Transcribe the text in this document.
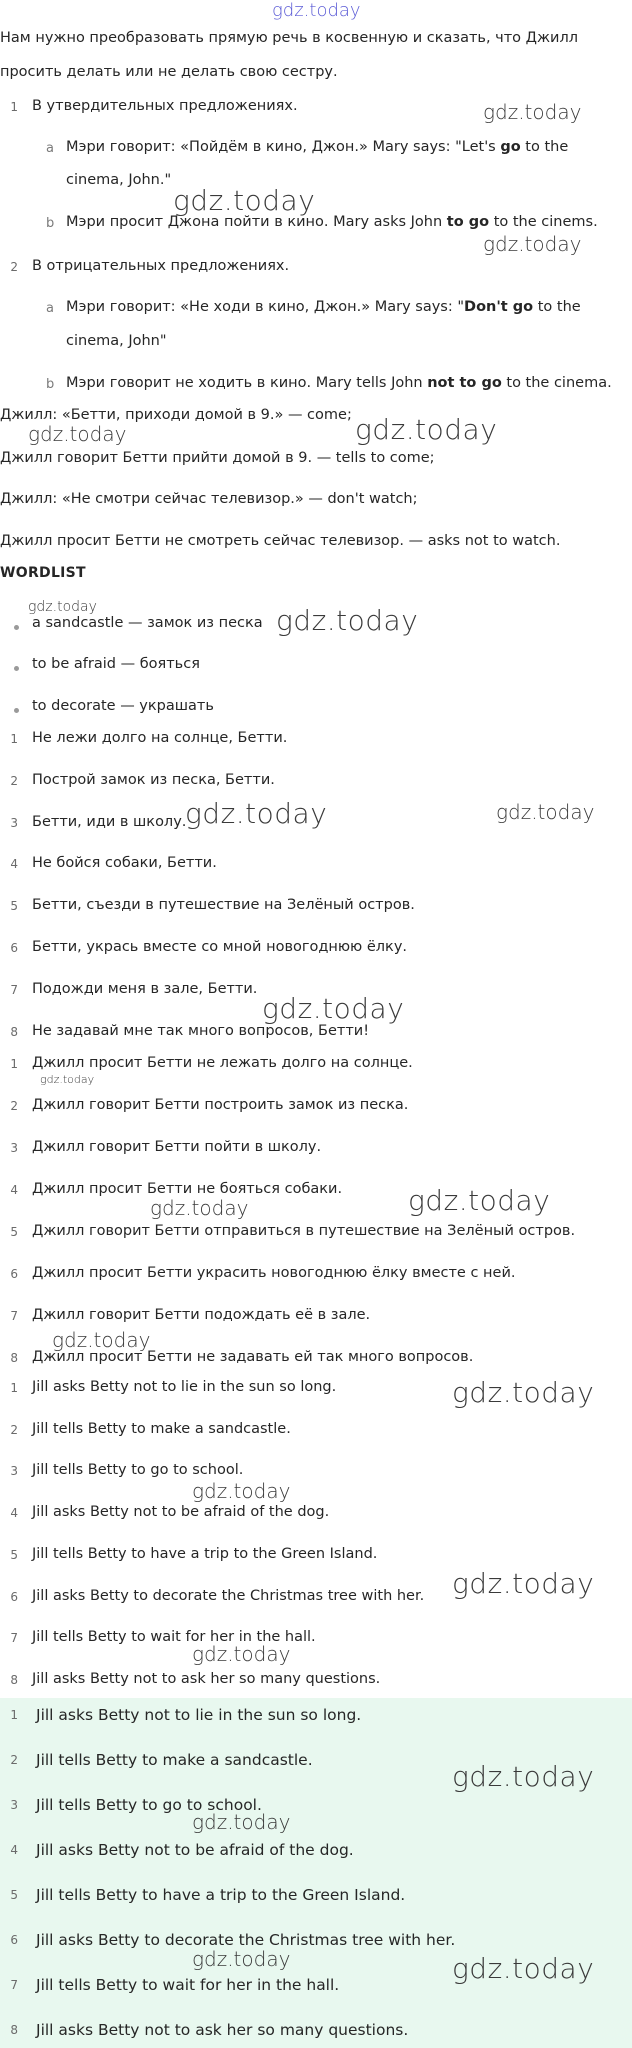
gdz.today
Нам нужно преобразовать прямую речь в косвенную и сказать, что Джилл
просить делать или не делать свою сестру.
1 В утвердительных предложениях.
a Мэри говорит: «Пойдём в кино, Джон.» Mary says: "Let's go to the
cinema, John."
b Мэри просит Джона пойти в кино. Mary asks John to go to the cinems.
2 В отрицательных предложениях.
a Мэри говорит: «Не ходи в кино, Джон.» Mary says: "Don't go to the
cinema, John"
b Мэри говорит не ходить в кино. Mary tells John not to go to the cinema.
Джилл: «Бетти, приходи домой в 9.» — come;
Джилл говорит Бетти прийти домой в 9. — tells to come;
Джилл: «Не смотри сейчас телевизор.» — don't watch;
Джилл просит Бетти не смотреть сейчас телевизор. — asks not to watch.
WORDLIST
a sandcastle — замок из песка
to be afraid — бояться
to decorate — украшать
1 Не лежи долго на солнце, Бетти.
2 Построй замок из песка, Бетти.
3 Бетти, иди в школу.
4 Не бойся собаки, Бетти.
5 Бетти, съезди в путешествие на Зелёный остров.
6 Бетти, укрась вместе со мной новогоднюю ёлку.
7 Подожди меня в зале, Бетти.
8 Не задавай мне так много вопросов, Бетти!
1 Джилл просит Бетти не лежать долго на солнце.
2 Джилл говорит Бетти построить замок из песка.
3 Джилл говорит Бетти пойти в школу.
4 Джилл просит Бетти не бояться собаки.
5 Джилл говорит Бетти отправиться в путешествие на Зелёный остров.
6 Джилл просит Бетти украсить новогоднюю ёлку вместе с ней.
7 Джилл говорит Бетти подождать её в зале.
8 Джилл просит Бетти не задавать ей так много вопросов.
1 Jill asks Betty not to lie in the sun so long.
2 Jill tells Betty to make a sandcastle.
3 Jill tells Betty to go to school.
4 Jill asks Betty not to be afraid of the dog.
5 Jill tells Betty to have a trip to the Green Island.
6 Jill asks Betty to decorate the Christmas tree with her.
7 Jill tells Betty to wait for her in the hall.
8 Jill asks Betty not to ask her so many questions.
1 Jill asks Betty not to lie in the sun so long.
2 Jill tells Betty to make a sandcastle.
3 Jill tells Betty to go to school.
4 Jill asks Betty not to be afraid of the dog.
5 Jill tells Betty to have a trip to the Green Island.
6 Jill asks Betty to decorate the Christmas tree with her.
7 Jill tells Betty to wait for her in the hall.
8 Jill asks Betty not to ask her so many questions.
gdz.today
gdz.today
gdz.today
gdz.today	gdz.today
gdz.today	gdz.today
gdz.today	gdz.today
gdz.today
gdz.today
gdz.today	gdz.today
gdz.today
gdz.today
gdz.today
gdz.today
gdz.today
gdz.today
gdz.today
gdz.today	gdz.today
